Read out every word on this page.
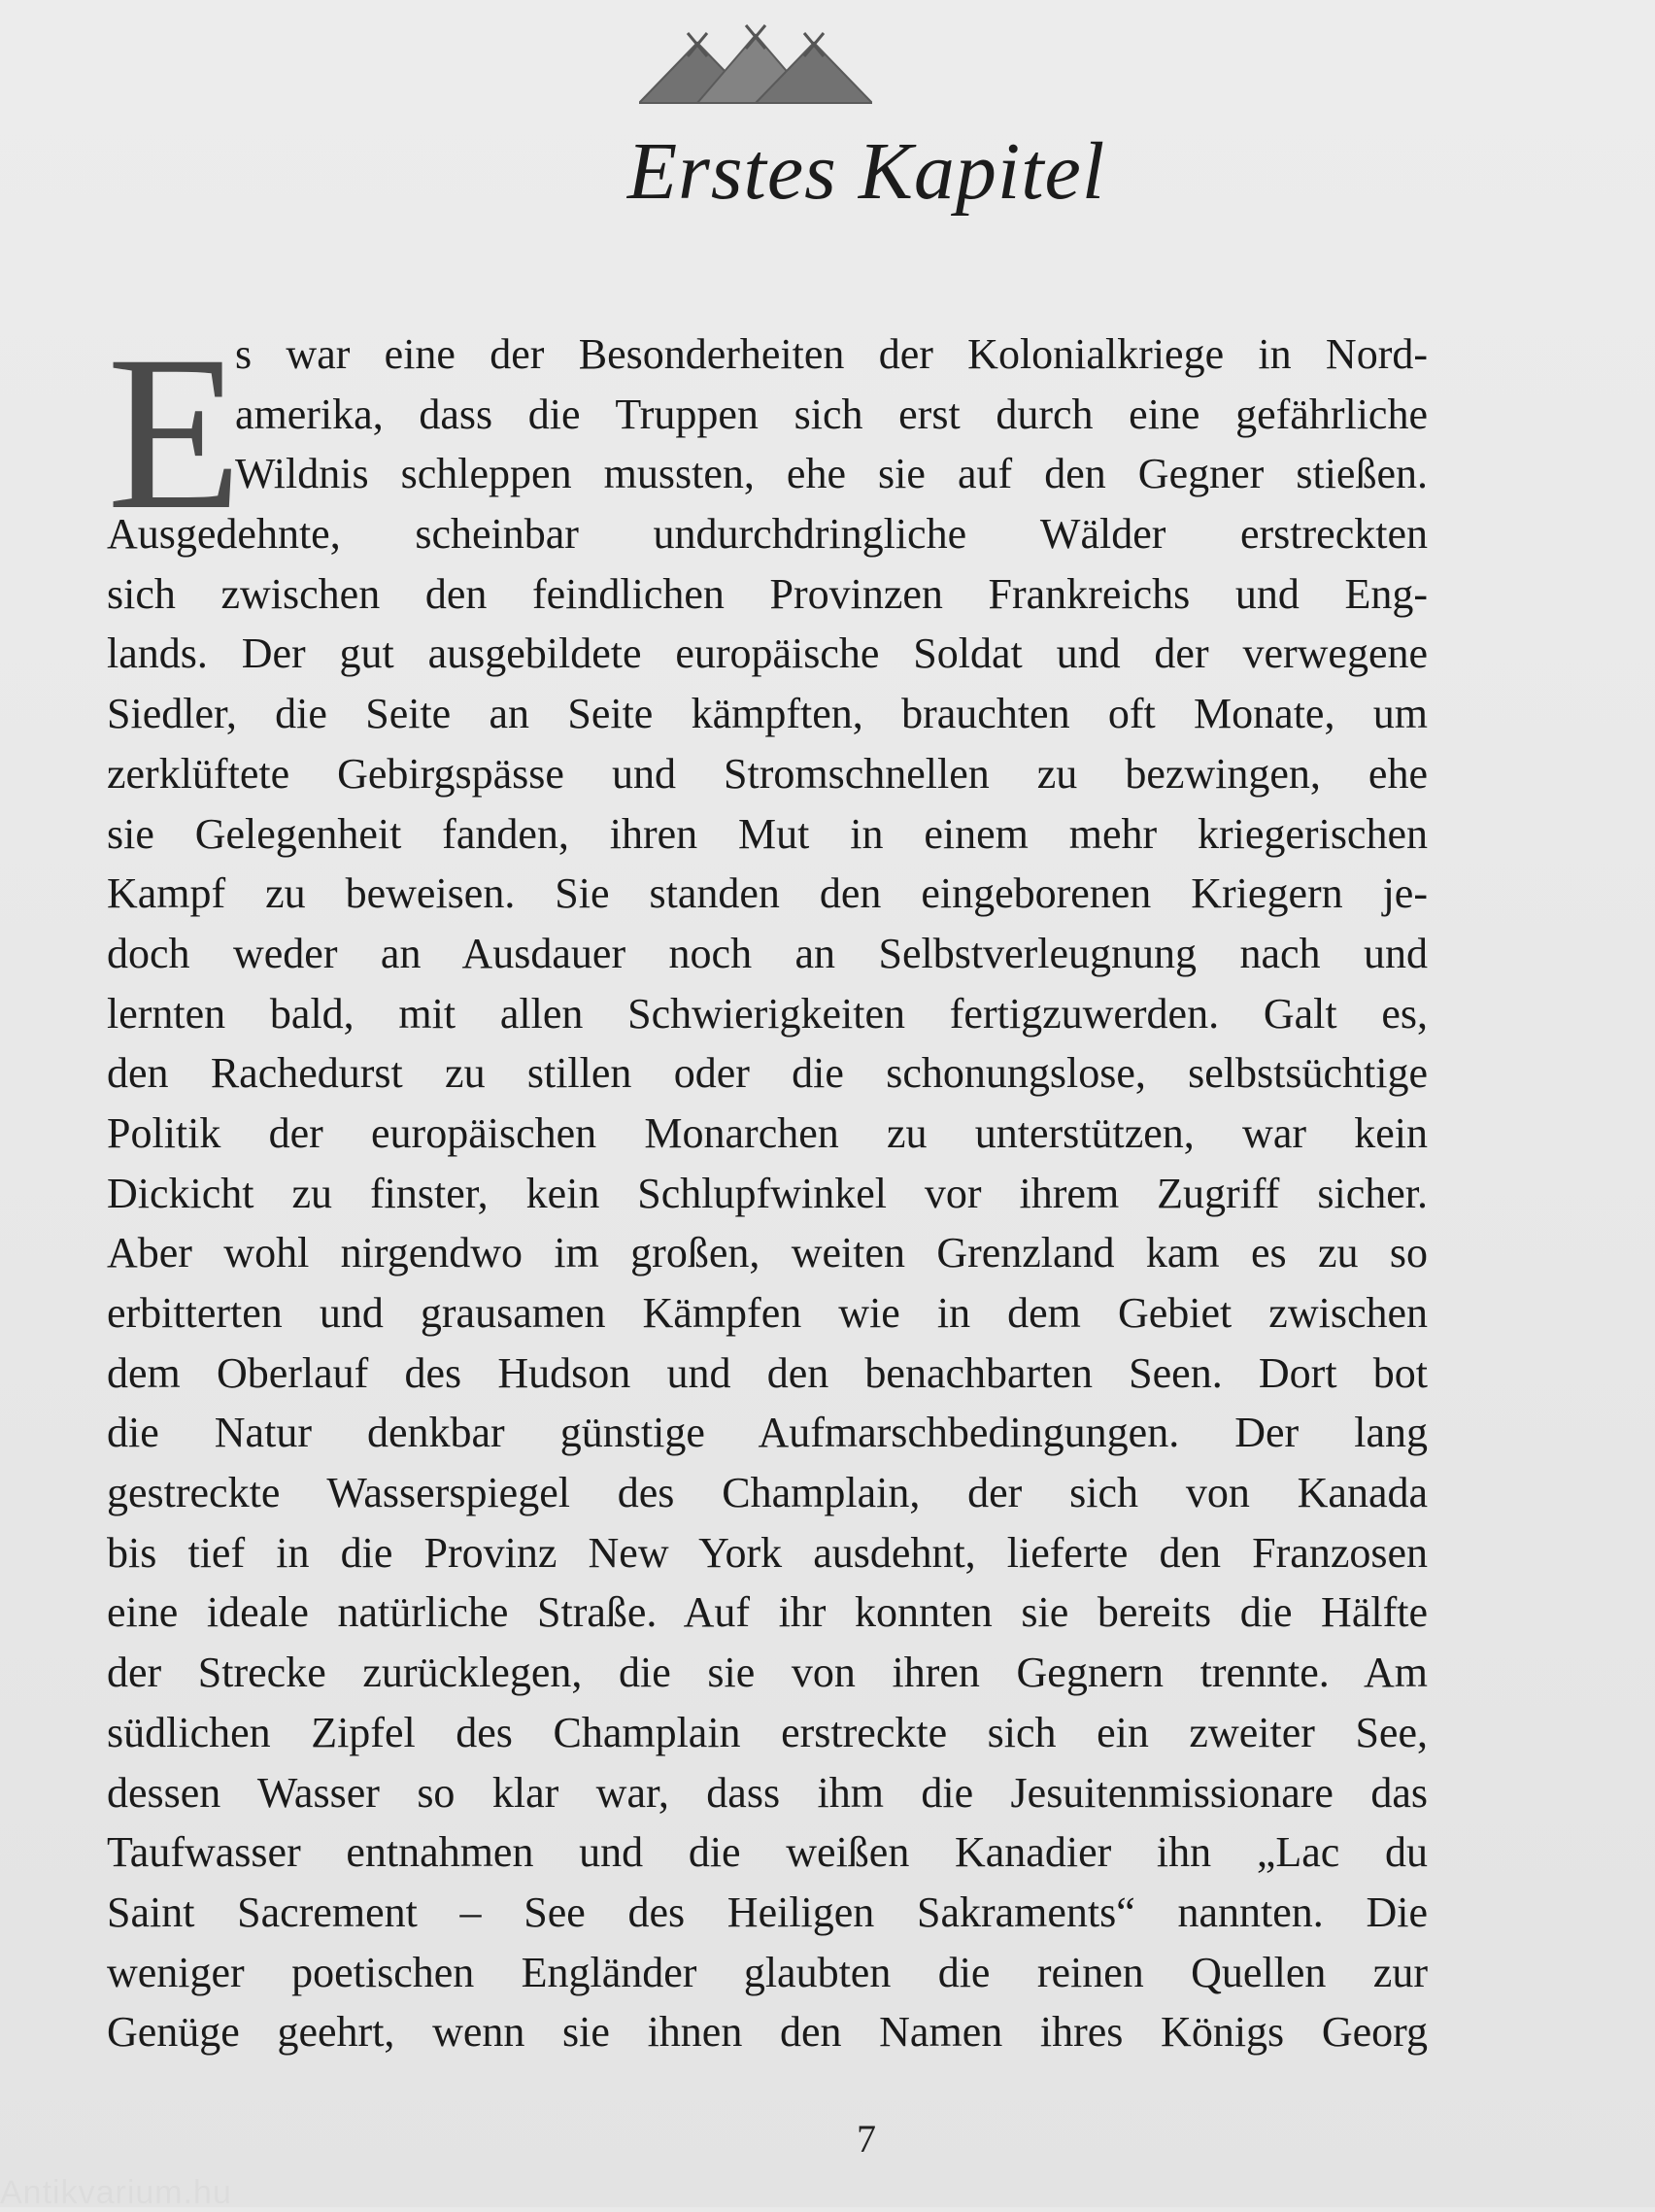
Erstes Kapitel
E
s war eine der Besonderheiten der Kolonialkriege in Nord-
amerika, dass die Truppen sich erst durch eine gefährliche
Wildnis schleppen mussten, ehe sie auf den Gegner stießen.
Ausgedehnte, scheinbar undurchdringliche Wälder erstreckten
sich zwischen den feindlichen Provinzen Frankreichs und Eng-
lands. Der gut ausgebildete europäische Soldat und der verwegene
Siedler, die Seite an Seite kämpften, brauchten oft Monate, um
zerklüftete Gebirgspässe und Stromschnellen zu bezwingen, ehe
sie Gelegenheit fanden, ihren Mut in einem mehr kriegerischen
Kampf zu beweisen. Sie standen den eingeborenen Kriegern je-
doch weder an Ausdauer noch an Selbstverleugnung nach und
lernten bald, mit allen Schwierigkeiten fertigzuwerden. Galt es,
den Rachedurst zu stillen oder die schonungslose, selbstsüchtige
Politik der europäischen Monarchen zu unterstützen, war kein
Dickicht zu finster, kein Schlupfwinkel vor ihrem Zugriff sicher.
Aber wohl nirgendwo im großen, weiten Grenzland kam es zu so
erbitterten und grausamen Kämpfen wie in dem Gebiet zwischen
dem Oberlauf des Hudson und den benachbarten Seen. Dort bot
die Natur denkbar günstige Aufmarschbedingungen. Der lang
gestreckte Wasserspiegel des Champlain, der sich von Kanada
bis tief in die Provinz New York ausdehnt, lieferte den Franzosen
eine ideale natürliche Straße. Auf ihr konnten sie bereits die Hälfte
der Strecke zurücklegen, die sie von ihren Gegnern trennte. Am
südlichen Zipfel des Champlain erstreckte sich ein zweiter See,
dessen Wasser so klar war, dass ihm die Jesuitenmissionare das
Taufwasser entnahmen und die weißen Kanadier ihn „Lac du
Saint Sacrement – See des Heiligen Sakraments“ nannten. Die
weniger poetischen Engländer glaubten die reinen Quellen zur
Genüge geehrt, wenn sie ihnen den Namen ihres Königs Georg
7
Antikvarium.hu
